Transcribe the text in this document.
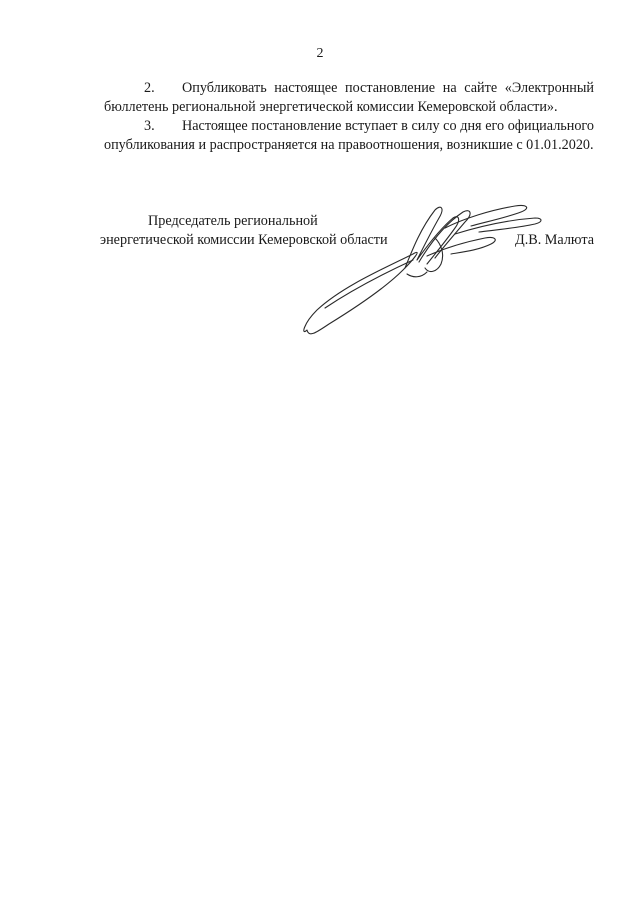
2

2. Опубликовать настоящее постановление на сайте «Электронный бюллетень региональной энергетической комиссии Кемеровской области».

3. Настоящее постановление вступает в силу со дня его официального опубликования и распространяется на правоотношения, возникшие с 01.01.2020.

Председатель региональной
энергетической комиссии Кемеровской области	Д.В. Малюта
